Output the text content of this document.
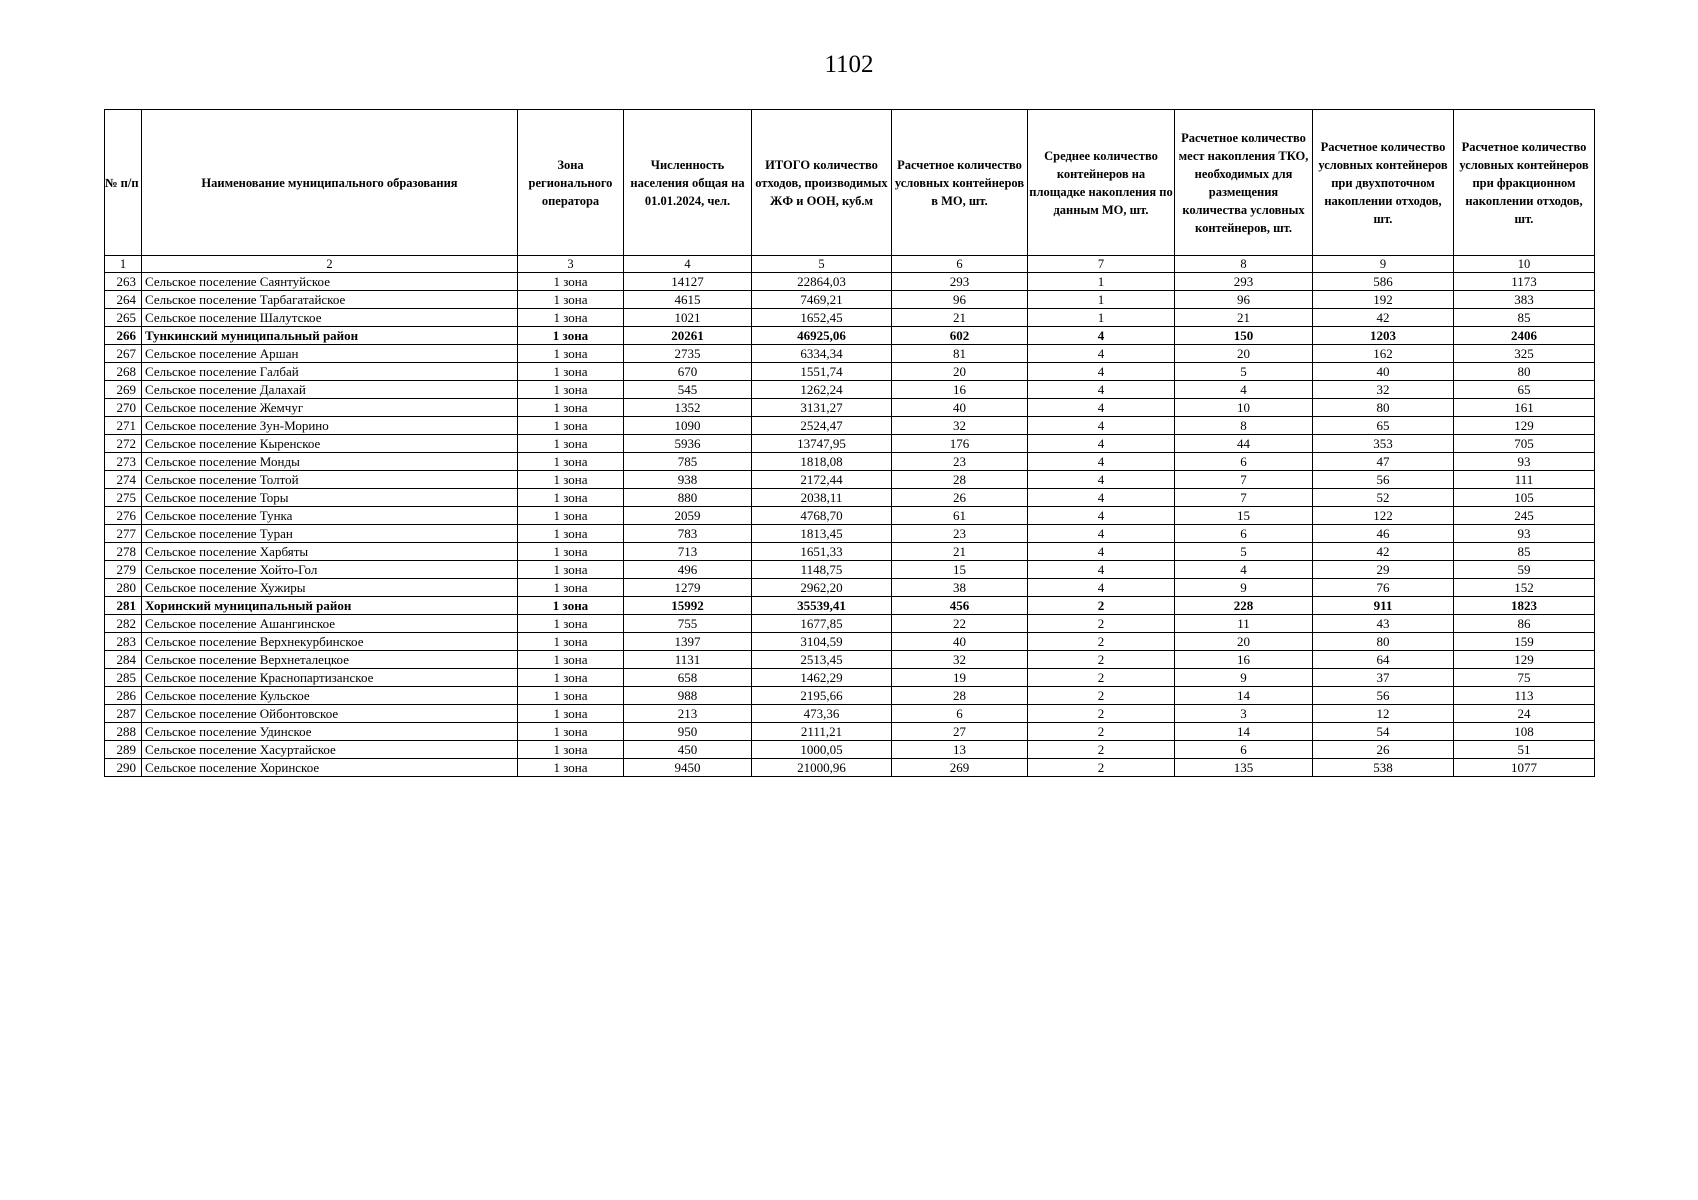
1102
№ п/п	Наименование муниципального образования	Зона регионального оператора	Численность населения общая на 01.01.2024, чел.	ИТОГО количество отходов, производимых ЖФ и ООН, куб.м	Расчетное количество условных контейнеров в МО, шт.	Среднее количество контейнеров на площадке накопления по данным МО, шт.	Расчетное количество мест накопления ТКО, необходимых для размещения количества условных контейнеров, шт.	Расчетное количество условных контейнеров при двухпоточном накоплении отходов, шт.	Расчетное количество условных контейнеров при фракционном накоплении отходов, шт.
1	2	3	4	5	6	7	8	9	10
263	Сельское поселение Саянтуйское	1 зона	14127	22864,03	293	1	293	586	1173
264	Сельское поселение Тарбагатайское	1 зона	4615	7469,21	96	1	96	192	383
265	Сельское поселение Шалутское	1 зона	1021	1652,45	21	1	21	42	85
266	Тункинский муниципальный район	1 зона	20261	46925,06	602	4	150	1203	2406
267	Сельское поселение Аршан	1 зона	2735	6334,34	81	4	20	162	325
268	Сельское поселение Галбай	1 зона	670	1551,74	20	4	5	40	80
269	Сельское поселение Далахай	1 зона	545	1262,24	16	4	4	32	65
270	Сельское поселение Жемчуг	1 зона	1352	3131,27	40	4	10	80	161
271	Сельское поселение Зун-Морино	1 зона	1090	2524,47	32	4	8	65	129
272	Сельское поселение Кыренское	1 зона	5936	13747,95	176	4	44	353	705
273	Сельское поселение Монды	1 зона	785	1818,08	23	4	6	47	93
274	Сельское поселение Толтой	1 зона	938	2172,44	28	4	7	56	111
275	Сельское поселение Торы	1 зона	880	2038,11	26	4	7	52	105
276	Сельское поселение Тунка	1 зона	2059	4768,70	61	4	15	122	245
277	Сельское поселение Туран	1 зона	783	1813,45	23	4	6	46	93
278	Сельское поселение Харбяты	1 зона	713	1651,33	21	4	5	42	85
279	Сельское поселение Хойто-Гол	1 зона	496	1148,75	15	4	4	29	59
280	Сельское поселение Хужиры	1 зона	1279	2962,20	38	4	9	76	152
281	Хоринский муниципальный район	1 зона	15992	35539,41	456	2	228	911	1823
282	Сельское поселение Ашангинское	1 зона	755	1677,85	22	2	11	43	86
283	Сельское поселение Верхнекурбинское	1 зона	1397	3104,59	40	2	20	80	159
284	Сельское поселение Верхнеталецкое	1 зона	1131	2513,45	32	2	16	64	129
285	Сельское поселение Краснопартизанское	1 зона	658	1462,29	19	2	9	37	75
286	Сельское поселение Кульское	1 зона	988	2195,66	28	2	14	56	113
287	Сельское поселение Ойбонтовское	1 зона	213	473,36	6	2	3	12	24
288	Сельское поселение Удинское	1 зона	950	2111,21	27	2	14	54	108
289	Сельское поселение Хасуртайское	1 зона	450	1000,05	13	2	6	26	51
290	Сельское поселение Хоринское	1 зона	9450	21000,96	269	2	135	538	1077
